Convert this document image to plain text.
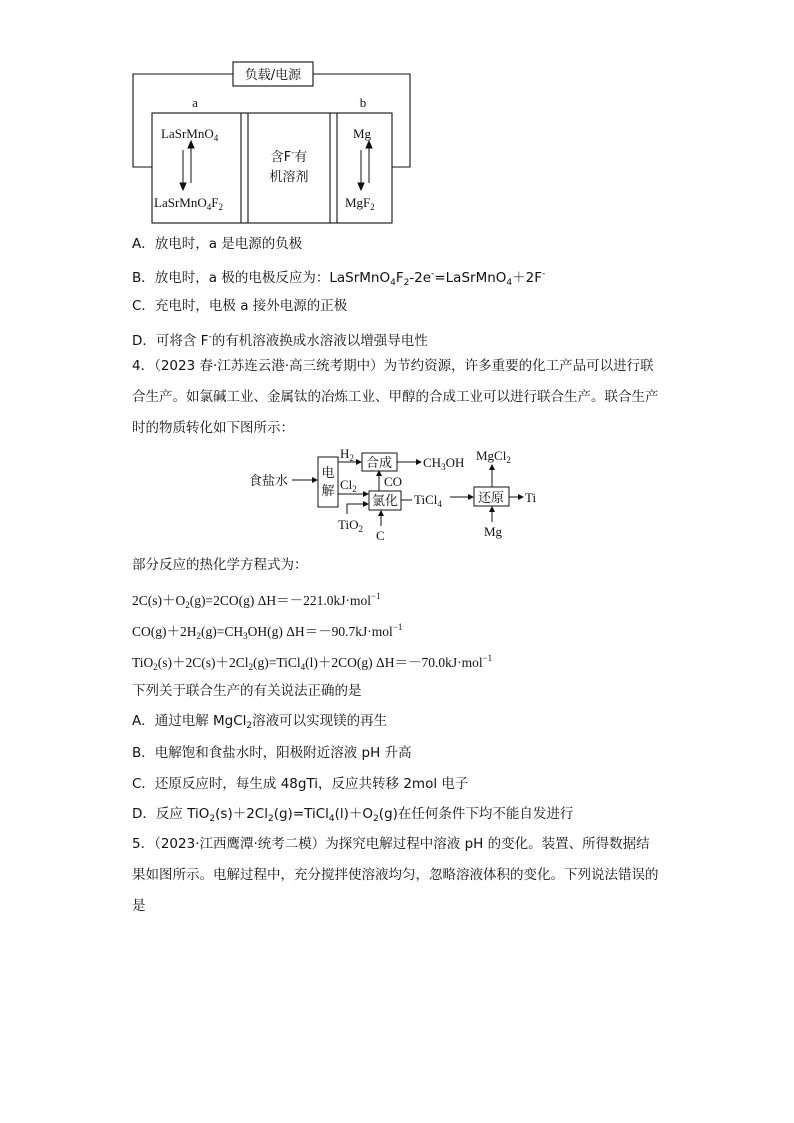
负载/电源
a	b
LaSrMnO$_4$
$LaSrMnO_4F_2$
含F-有
机溶剂
Mg
MgF$_2$
A．放电时，a 是电源的负极
B．放电时，a 极的电极反应为：$LaSrMnO_4F_2-2e^-=LaSrMnO_4+2F^-$
C．充电时，电极 a 接外电源的正极
D．可将含 F-的有机溶液换成水溶液以增强导电性
4．（2023 春·江苏连云港·高三统考期中）为节约资源，许多重要的化工产品可以进行联合生产。如氯碱工业、金属钛的冶炼工业、甲醇的合成工业可以进行联合生产。联合生产时的物质转化如下图所示：
食盐水
电
解
$H_2$
$Cl_2$
合成 $CH_3OH$
CO
氯化 TiCl$_4$
TiO$_2$ C
还原 Ti
MgCl$_2$
Mg
部分反应的热化学方程式为：
$2C(s)+O_2(g)=2CO(g)$ ΔH＝－221.0kJ·mol$^{-1}$
$CO(g)+2H_2(g)=CH_3OH(g)$ ΔH＝－90.7kJ·mol$^{-1}$
$TiO_2(s)+2C(s)+2Cl_2(g)=TiCl_4(l)+2CO(g)$ ΔH＝－70.0kJ·mol$^{-1}$
下列关于联合生产的有关说法正确的是
A．通过电解 MgCl$_2$溶液可以实现镁的再生
B．电解饱和食盐水时，阳极附近溶液 pH 升高
C．还原反应时，每生成 48gTi，反应共转移 2mol 电子
D．反应 $TiO_2(s)+2Cl_2(g)=TiCl_4(l)+O_2(g)$在任何条件下均不能自发进行
5．（2023·江西鹰潭·统考二模）为探究电解过程中溶液 pH 的变化。装置、所得数据结果如图所示。电解过程中，充分搅拌使溶液均匀，忽略溶液体积的变化。下列说法错误的是
